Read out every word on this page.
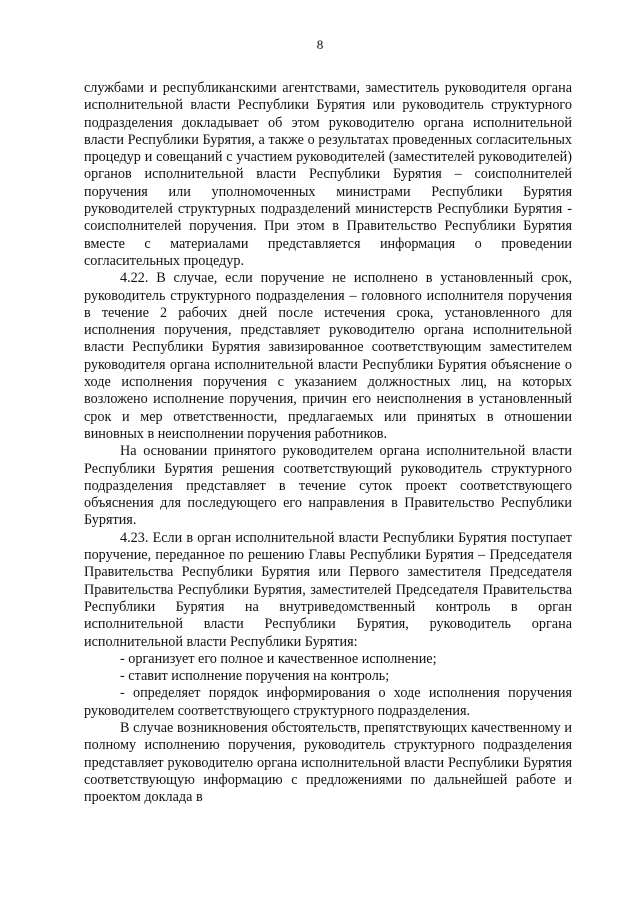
8

службами и республиканскими агентствами, заместитель руководителя органа исполнительной власти Республики Бурятия или руководитель структурного подразделения докладывает об этом руководителю органа исполнительной власти Республики Бурятия, а также о результатах проведенных согласительных процедур и совещаний с участием руководителей (заместителей руководителей) органов исполнительной власти Республики Бурятия – соисполнителей поручения или уполномоченных министрами Республики Бурятия руководителей структурных подразделений министерств Республики Бурятия - соисполнителей поручения. При этом в Правительство Республики Бурятия вместе с материалами представляется информация о проведении согласительных процедур.

4.22. В случае, если поручение не исполнено в установленный срок, руководитель структурного подразделения – головного исполнителя поручения в течение 2 рабочих дней после истечения срока, установленного для исполнения поручения, представляет руководителю органа исполнительной власти Республики Бурятия завизированное соответствующим заместителем руководителя органа исполнительной власти Республики Бурятия объяснение о ходе исполнения поручения с указанием должностных лиц, на которых возложено исполнение поручения, причин его неисполнения в установленный срок и мер ответственности, предлагаемых или принятых в отношении виновных в неисполнении поручения работников.

На основании принятого руководителем органа исполнительной власти Республики Бурятия решения соответствующий руководитель структурного подразделения представляет в течение суток проект соответствующего объяснения для последующего его направления в Правительство Республики Бурятия.

4.23. Если в орган исполнительной власти Республики Бурятия поступает поручение, переданное по решению Главы Республики Бурятия – Председателя Правительства Республики Бурятия или Первого заместителя Председателя Правительства Республики Бурятия, заместителей Председателя Правительства Республики Бурятия на внутриведомственный контроль в орган исполнительной власти Республики Бурятия, руководитель органа исполнительной власти Республики Бурятия:

- организует его полное и качественное исполнение;

- ставит исполнение поручения на контроль;

- определяет порядок информирования о ходе исполнения поручения руководителем соответствующего структурного подразделения.

В случае возникновения обстоятельств, препятствующих качественному и полному исполнению поручения, руководитель структурного подразделения представляет руководителю органа исполнительной власти Республики Бурятия соответствующую информацию с предложениями по дальнейшей работе и проектом доклада в
